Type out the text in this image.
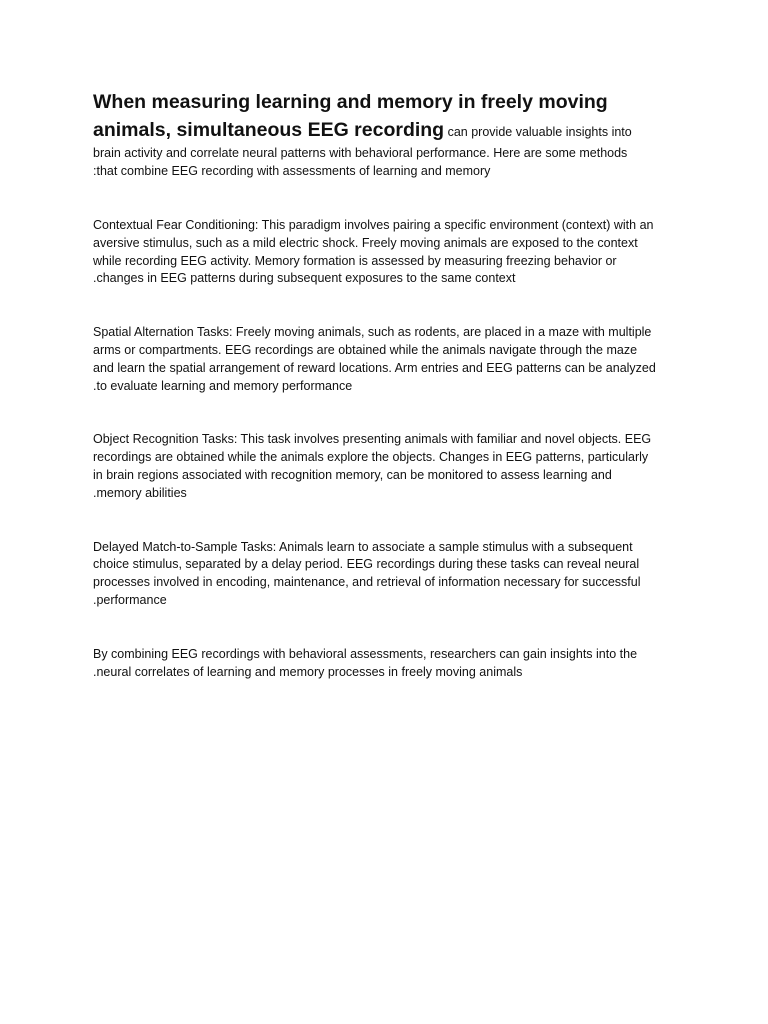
When measuring learning and memory in freely moving
animals, simultaneous EEG recording can provide valuable insights into
brain activity and correlate neural patterns with behavioral performance. Here are some methods
:that combine EEG recording with assessments of learning and memory

Contextual Fear Conditioning: This paradigm involves pairing a specific environment (context) with an
aversive stimulus, such as a mild electric shock. Freely moving animals are exposed to the context
while recording EEG activity. Memory formation is assessed by measuring freezing behavior or
.changes in EEG patterns during subsequent exposures to the same context

Spatial Alternation Tasks: Freely moving animals, such as rodents, are placed in a maze with multiple
arms or compartments. EEG recordings are obtained while the animals navigate through the maze
and learn the spatial arrangement of reward locations. Arm entries and EEG patterns can be analyzed
.to evaluate learning and memory performance

Object Recognition Tasks: This task involves presenting animals with familiar and novel objects. EEG
recordings are obtained while the animals explore the objects. Changes in EEG patterns, particularly
in brain regions associated with recognition memory, can be monitored to assess learning and
.memory abilities

Delayed Match-to-Sample Tasks: Animals learn to associate a sample stimulus with a subsequent
choice stimulus, separated by a delay period. EEG recordings during these tasks can reveal neural
processes involved in encoding, maintenance, and retrieval of information necessary for successful
.performance

By combining EEG recordings with behavioral assessments, researchers can gain insights into the
.neural correlates of learning and memory processes in freely moving animals
